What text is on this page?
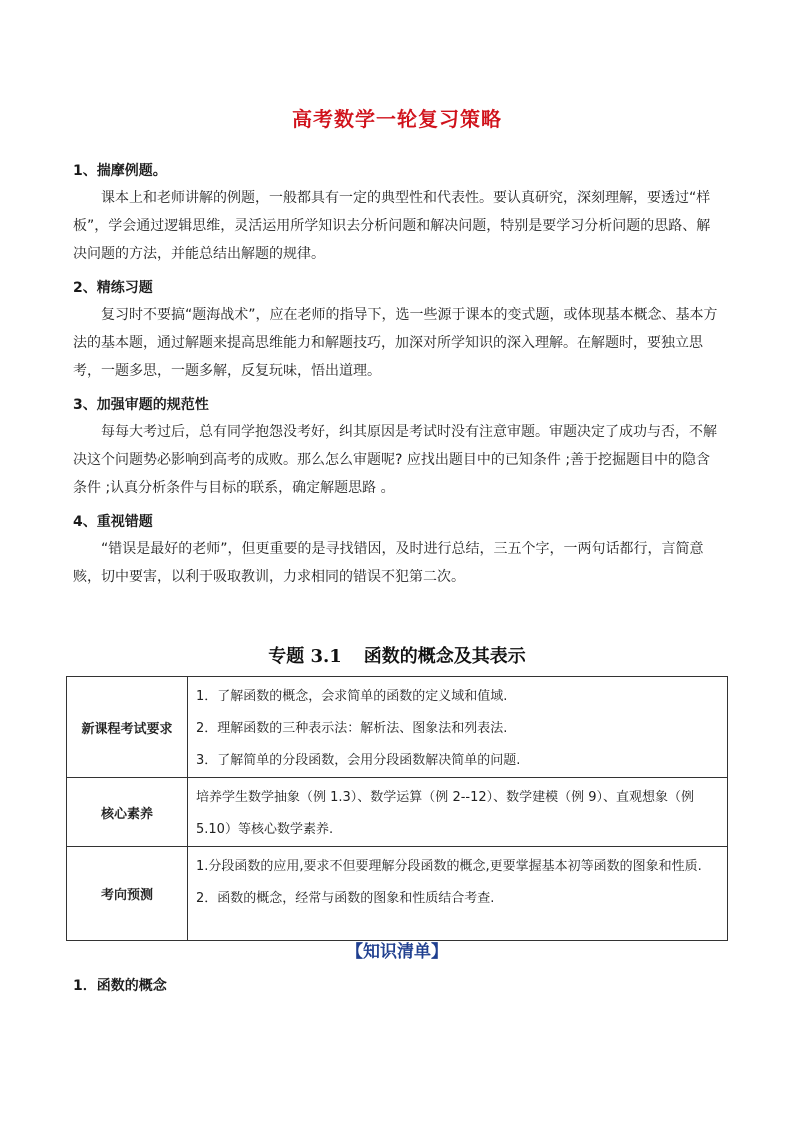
高考数学一轮复习策略
1、揣摩例题。
课本上和老师讲解的例题，一般都具有一定的典型性和代表性。要认真研究，深刻理解，要透过“样板”，学会通过逻辑思维，灵活运用所学知识去分析问题和解决问题，特别是要学习分析问题的思路、解决问题的方法，并能总结出解题的规律。
2、精练习题
复习时不要搞“题海战术”，应在老师的指导下，选一些源于课本的变式题，或体现基本概念、基本方法的基本题，通过解题来提高思维能力和解题技巧，加深对所学知识的深入理解。在解题时，要独立思考，一题多思，一题多解，反复玩味，悟出道理。
3、加强审题的规范性
每每大考过后，总有同学抱怨没考好，纠其原因是考试时没有注意审题。审题决定了成功与否，不解决这个问题势必影响到高考的成败。那么怎么审题呢? 应找出题目中的已知条件 ;善于挖掘题目中的隐含条件 ;认真分析条件与目标的联系，确定解题思路 。
4、重视错题
“错误是最好的老师”，但更重要的是寻找错因，及时进行总结，三五个字，一两句话都行，言简意赅，切中要害，以利于吸取教训，力求相同的错误不犯第二次。
专题 3.1 函数的概念及其表示
新课程考试要求	1．了解函数的概念，会求简单的函数的定义域和值域.
2．理解函数的三种表示法：解析法、图象法和列表法.
3．了解简单的分段函数，会用分段函数解决简单的问题.

核心素养	培养学生数学抽象（例 1.3）、数学运算（例 2--12）、数学建模（例 9）、直观想象（例 5.10）等核心数学素养.

考向预测	1.分段函数的应用,要求不但要理解分段函数的概念,更要掌握基本初等函数的图象和性质.
2．函数的概念，经常与函数的图象和性质结合考查.
【知识清单】
1．函数的概念
